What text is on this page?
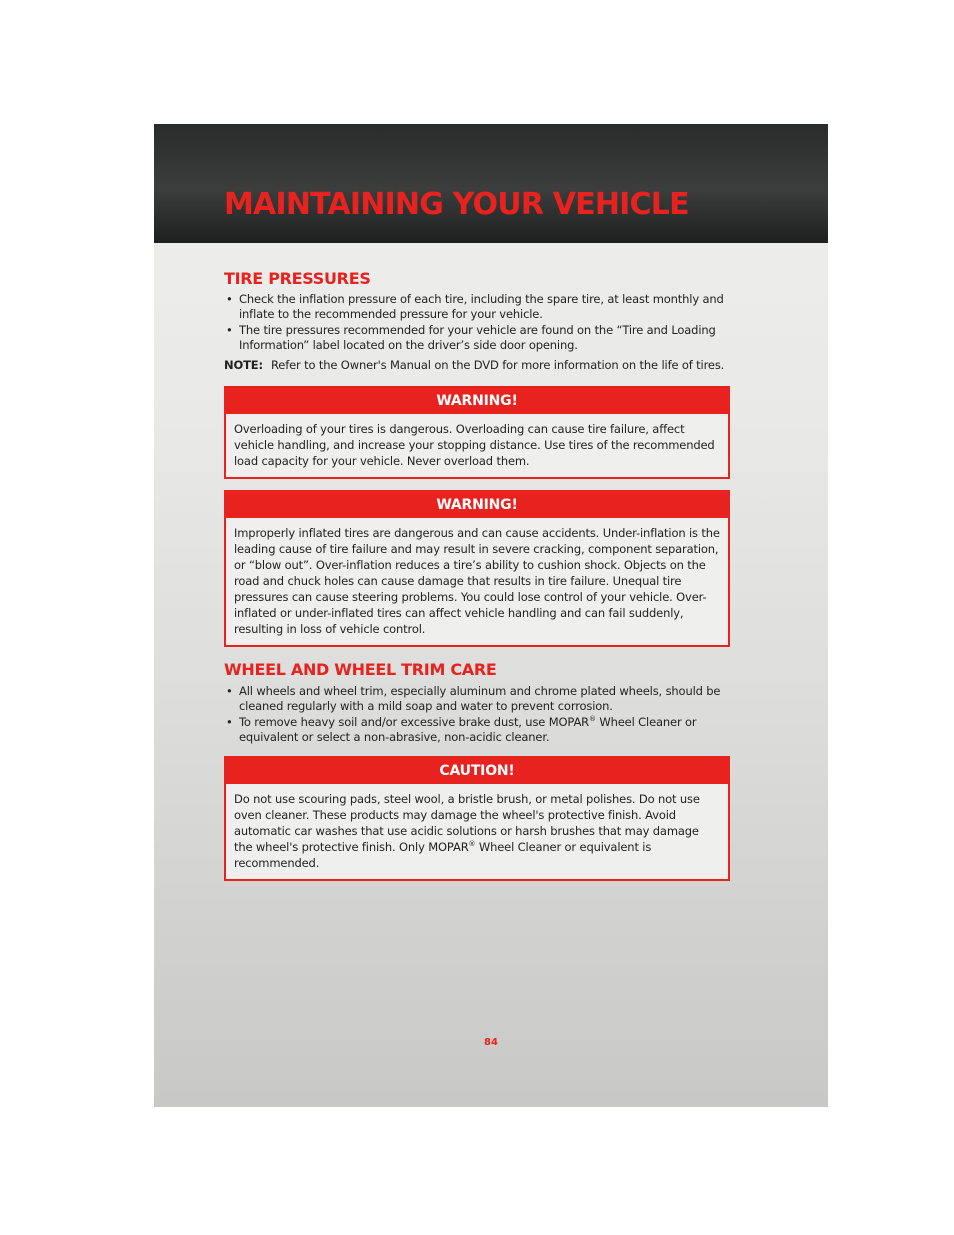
MAINTAINING YOUR VEHICLE
TIRE PRESSURES
• Check the inflation pressure of each tire, including the spare tire, at least monthly and inflate to the recommended pressure for your vehicle.
• The tire pressures recommended for your vehicle are found on the “Tire and Loading Information” label located on the driver’s side door opening.
NOTE: Refer to the Owner's Manual on the DVD for more information on the life of tires.
WARNING!
Overloading of your tires is dangerous. Overloading can cause tire failure, affect vehicle handling, and increase your stopping distance. Use tires of the recommended load capacity for your vehicle. Never overload them.
WARNING!
Improperly inflated tires are dangerous and can cause accidents. Under-inflation is the leading cause of tire failure and may result in severe cracking, component separation, or “blow out”. Over-inflation reduces a tire’s ability to cushion shock. Objects on the road and chuck holes can cause damage that results in tire failure. Unequal tire pressures can cause steering problems. You could lose control of your vehicle. Over-inflated or under-inflated tires can affect vehicle handling and can fail suddenly, resulting in loss of vehicle control.
WHEEL AND WHEEL TRIM CARE
• All wheels and wheel trim, especially aluminum and chrome plated wheels, should be cleaned regularly with a mild soap and water to prevent corrosion.
• To remove heavy soil and/or excessive brake dust, use MOPAR® Wheel Cleaner or equivalent or select a non-abrasive, non-acidic cleaner.
CAUTION!
Do not use scouring pads, steel wool, a bristle brush, or metal polishes. Do not use oven cleaner. These products may damage the wheel's protective finish. Avoid automatic car washes that use acidic solutions or harsh brushes that may damage the wheel's protective finish. Only MOPAR® Wheel Cleaner or equivalent is recommended.
84
